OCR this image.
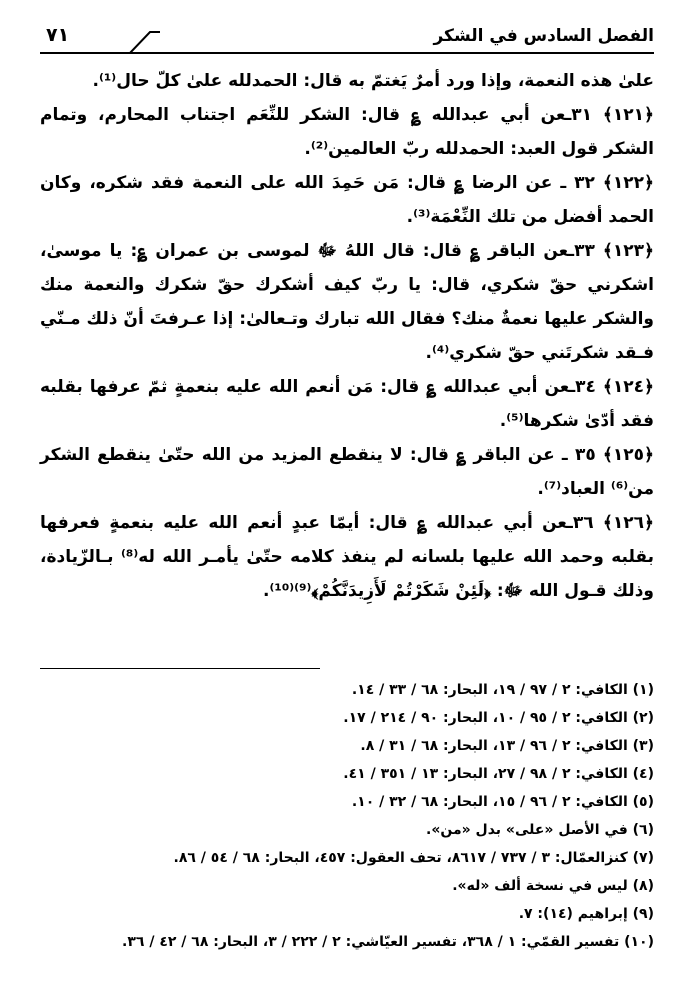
٧١	الفصل السادس في الشكر

علىٰ هذه النعمة، وإذا ورد أمرٌ يَغتمّ به قال: الحمدلله علىٰ كلّ حال⁽¹⁾.

﴿١٢١﴾ ٣١ـعن أبي عبدالله ؏ قال: الشكر للنِّعَم اجتناب المحارم، وتمام الشكر قول العبد: الحمدلله ربّ العالمين⁽²⁾.

﴿١٢٢﴾ ٣٢ ـ عن الرضا ؏ قال: مَن حَمِدَ الله على النعمة فقد شكره، وكان الحمد أفضل من تلك النِّعْمَة⁽³⁾.

﴿١٢٣﴾ ٣٣ـعن الباقر ؏ قال: قال اللهُ ﷻ لموسى بن عمران ؏: يا موسىٰ، اشكرني حقّ شكري، قال: يا ربّ كيف أشكرك حقّ شكرك والنعمة منك والشكر عليها نعمةٌ منك؟ فقال الله تبارك وتـعالىٰ: إذا عـرفتَ أنّ ذلك مـنّي فـقد شكرتَني حقّ شكري⁽⁴⁾.

﴿١٢٤﴾ ٣٤ـعن أبي عبدالله ؏ قال: مَن أنعم الله عليه بنعمةٍ ثمّ عرفها بقلبه فقد أدّىٰ شكرها⁽⁵⁾.

﴿١٢٥﴾ ٣٥ ـ عن الباقر ؏ قال: لا ينقطع المزيد من الله حتّىٰ ينقطع الشكر من⁽⁶⁾ العباد⁽⁷⁾.

﴿١٢٦﴾ ٣٦ـعن أبي عبدالله ؏ قال: أيمّا عبدٍ أنعم الله عليه بنعمةٍ فعرفها بقلبه وحمد الله عليها بلسانه لم ينفذ كلامه حتّىٰ يأمـر الله له⁽⁸⁾ بـالزّيادة، وذلك قـول الله ﷻ: ﴿لَئِنْ شَكَرْتُمْ لَأَزِيدَنَّكُمْ﴾⁽⁹⁾⁽¹⁰⁾.

(١) الكافي: ٢ / ٩٧ / ١٩، البحار: ٦٨ / ٣٣ / ١٤.
(٢) الكافي: ٢ / ٩٥ / ١٠، البحار: ٩٠ / ٢١٤ / ١٧.
(٣) الكافي: ٢ / ٩٦ / ١٣، البحار: ٦٨ / ٣١ / ٨.
(٤) الكافي: ٢ / ٩٨ / ٢٧، البحار: ١٣ / ٣٥١ / ٤١.
(٥) الكافي: ٢ / ٩٦ / ١٥، البحار: ٦٨ / ٣٢ / ١٠.
(٦) في الأصل «على» بدل «من».
(٧) كنزالعمّال: ٣ / ٧٣٧ / ٨٦١٧، تحف العقول: ٤٥٧، البحار: ٦٨ / ٥٤ / ٨٦.
(٨) ليس في نسخة ألف «له».
(٩) إبراهيم (١٤): ٧.
(١٠) تفسير القمّي: ١ / ٣٦٨، تفسير العيّاشي: ٢ / ٢٢٢ / ٣، البحار: ٦٨ / ٤٢ / ٣٦.
